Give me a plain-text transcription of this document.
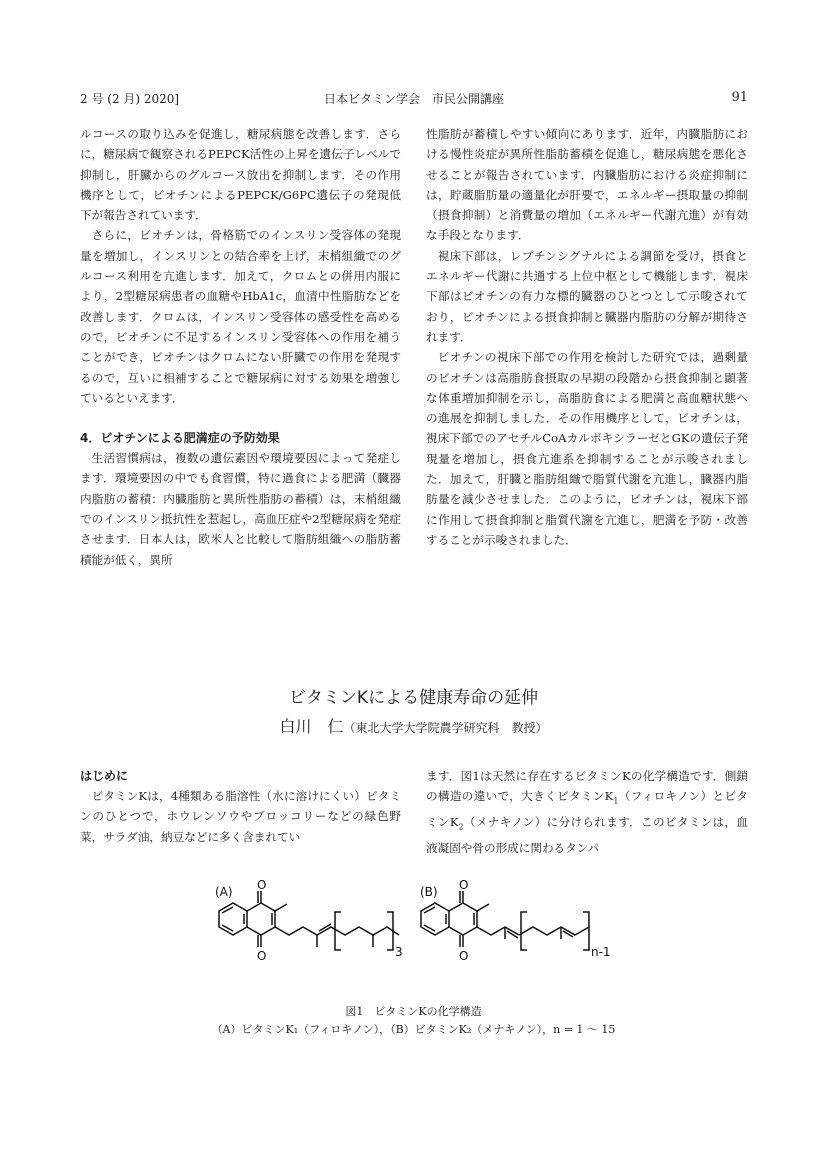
2 号 (2 月) 2020]	日本ビタミン学会　市民公開講座	91

ルコースの取り込みを促進し，糖尿病態を改善します．さらに，糖尿病で観察されるPEPCK活性の上昇を遺伝子レベルで抑制し，肝臓からのグルコース放出を抑制します．その作用機序として，ビオチンによるPEPCK/G6PC遺伝子の発現低下が報告されています．

さらに，ビオチンは，骨格筋でのインスリン受容体の発現量を増加し，インスリンとの結合率を上げ，末梢組織でのグルコース利用を亢進します．加えて，クロムとの併用内服により，2型糖尿病患者の血糖やHbA1c，血清中性脂肪などを改善します．クロムは，インスリン受容体の感受性を高めるので，ビオチンに不足するインスリン受容体への作用を補うことができ，ビオチンはクロムにない肝臓での作用を発現するので，互いに相補することで糖尿病に対する効果を増強しているといえます．

4．ビオチンによる肥満症の予防効果

生活習慣病は，複数の遺伝素因や環境要因によって発症します．環境要因の中でも食習慣，特に過食による肥満（臓器内脂肪の蓄積：内臓脂肪と異所性脂肪の蓄積）は，末梢組織でのインスリン抵抗性を惹起し，高血圧症や2型糖尿病を発症させます．日本人は，欧米人と比較して脂肪組織への脂肪蓄積能が低く，異所

性脂肪が蓄積しやすい傾向にあります．近年，内臓脂肪における慢性炎症が異所性脂肪蓄積を促進し，糖尿病態を悪化させることが報告されています．内臓脂肪における炎症抑制には，貯蔵脂肪量の適量化が肝要で，エネルギー摂取量の抑制（摂食抑制）と消費量の増加（エネルギー代謝亢進）が有効な手段となります．

視床下部は，レプチンシグナルによる調節を受け，摂食とエネルギー代謝に共通する上位中枢として機能します．視床下部はビオチンの有力な標的臓器のひとつとして示唆されており，ビオチンによる摂食抑制と臓器内脂肪の分解が期待されます．

ビオチンの視床下部での作用を検討した研究では，過剰量のビオチンは高脂肪食摂取の早期の段階から摂食抑制と顕著な体重増加抑制を示し，高脂肪食による肥満と高血糖状態への進展を抑制しました．その作用機序として，ビオチンは，視床下部でのアセチルCoAカルボキシラーゼとGKの遺伝子発現量を増加し，摂食亢進系を抑制することが示唆されました．加えて，肝臓と脂肪組織で脂質代謝を亢進し，臓器内脂肪量を減少させました．このように，ビオチンは，視床下部に作用して摂食抑制と脂質代謝を亢進し，肥満を予防・改善することが示唆されました．

ビタミンKによる健康寿命の延伸
白川　仁（東北大学大学院農学研究科　教授）
はじめに

ビタミンKは，4種類ある脂溶性（水に溶けにくい）ビタミンのひとつで，ホウレンソウやブロッコリーなどの緑色野菜，サラダ油，納豆などに多く含まれてい

ます．図1は天然に存在するビタミンKの化学構造です．側鎖の構造の違いで，大きくビタミン$K_1$（フィロキノン）とビタミン$K_2$（メナキノン）に分けられます．このビタミンは，血液凝固や骨の形成に関わるタンパ

(A)	(B)
O
O	3
O
O	n-1
図1　ビタミンKの化学構造
（A）ビタミンK₁（フィロキノン），（B）ビタミンK₂（メナキノン），n = 1 ～ 15
